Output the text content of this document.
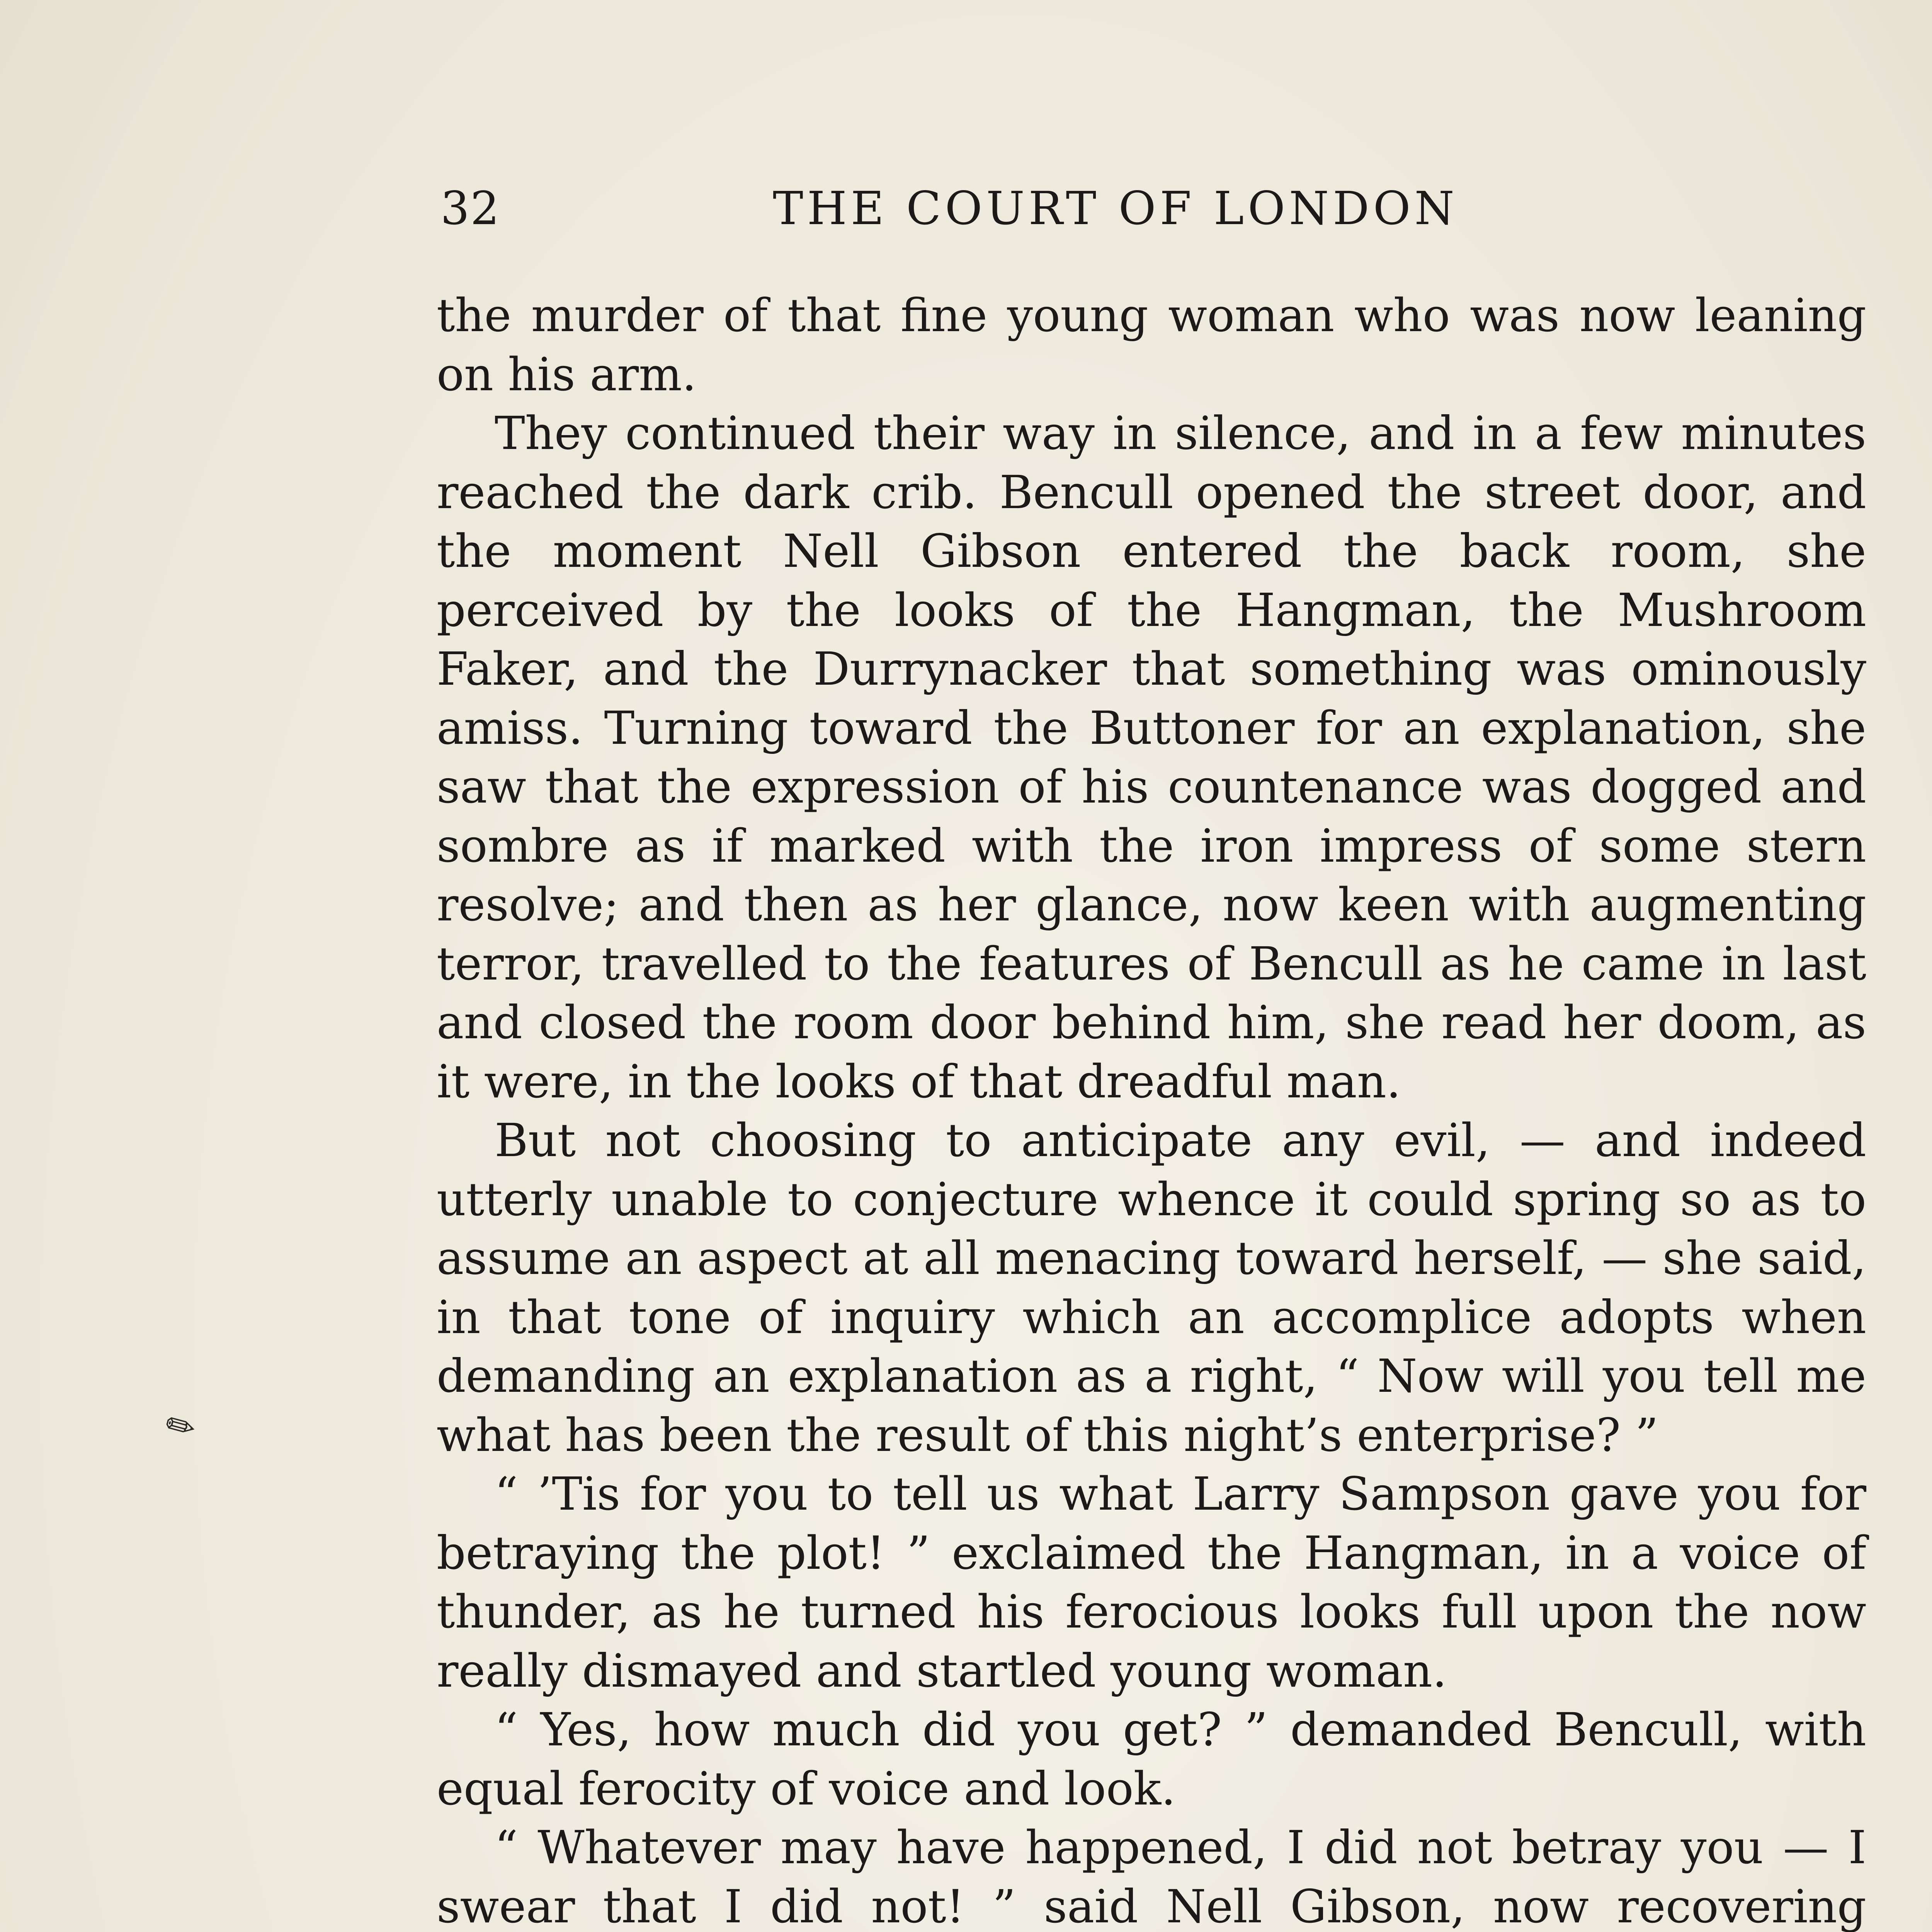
32	THE COURT OF LONDON

the murder of that fine young woman who was now leaning on his arm.

They continued their way in silence, and in a few minutes reached the dark crib. Bencull opened the street door, and the moment Nell Gibson entered the back room, she perceived by the looks of the Hangman, the Mushroom Faker, and the Durrynacker that something was ominously amiss. Turning toward the Buttoner for an explanation, she saw that the expression of his countenance was dogged and sombre as if marked with the iron impress of some stern resolve; and then as her glance, now keen with augmenting terror, travelled to the features of Bencull as he came in last and closed the room door behind him, she read her doom, as it were, in the looks of that dreadful man.

But not choosing to anticipate any evil, — and indeed utterly unable to conjecture whence it could spring so as to assume an aspect at all menacing toward herself, — she said, in that tone of inquiry which an accomplice adopts when demanding an explanation as a right, “ Now will you tell me what has been the result of this night’s enterprise? ”

“ ’Tis for you to tell us what Larry Sampson gave you for betraying the plot! ” exclaimed the Hangman, in a voice of thunder, as he turned his ferocious looks full upon the now really dismayed and startled young woman.

“ Yes, how much did you get? ” demanded Bencull, with equal ferocity of voice and look.

“ Whatever may have happened, I did not betray you — I swear that I did not! ” said Nell Gibson, now recovering

✎
